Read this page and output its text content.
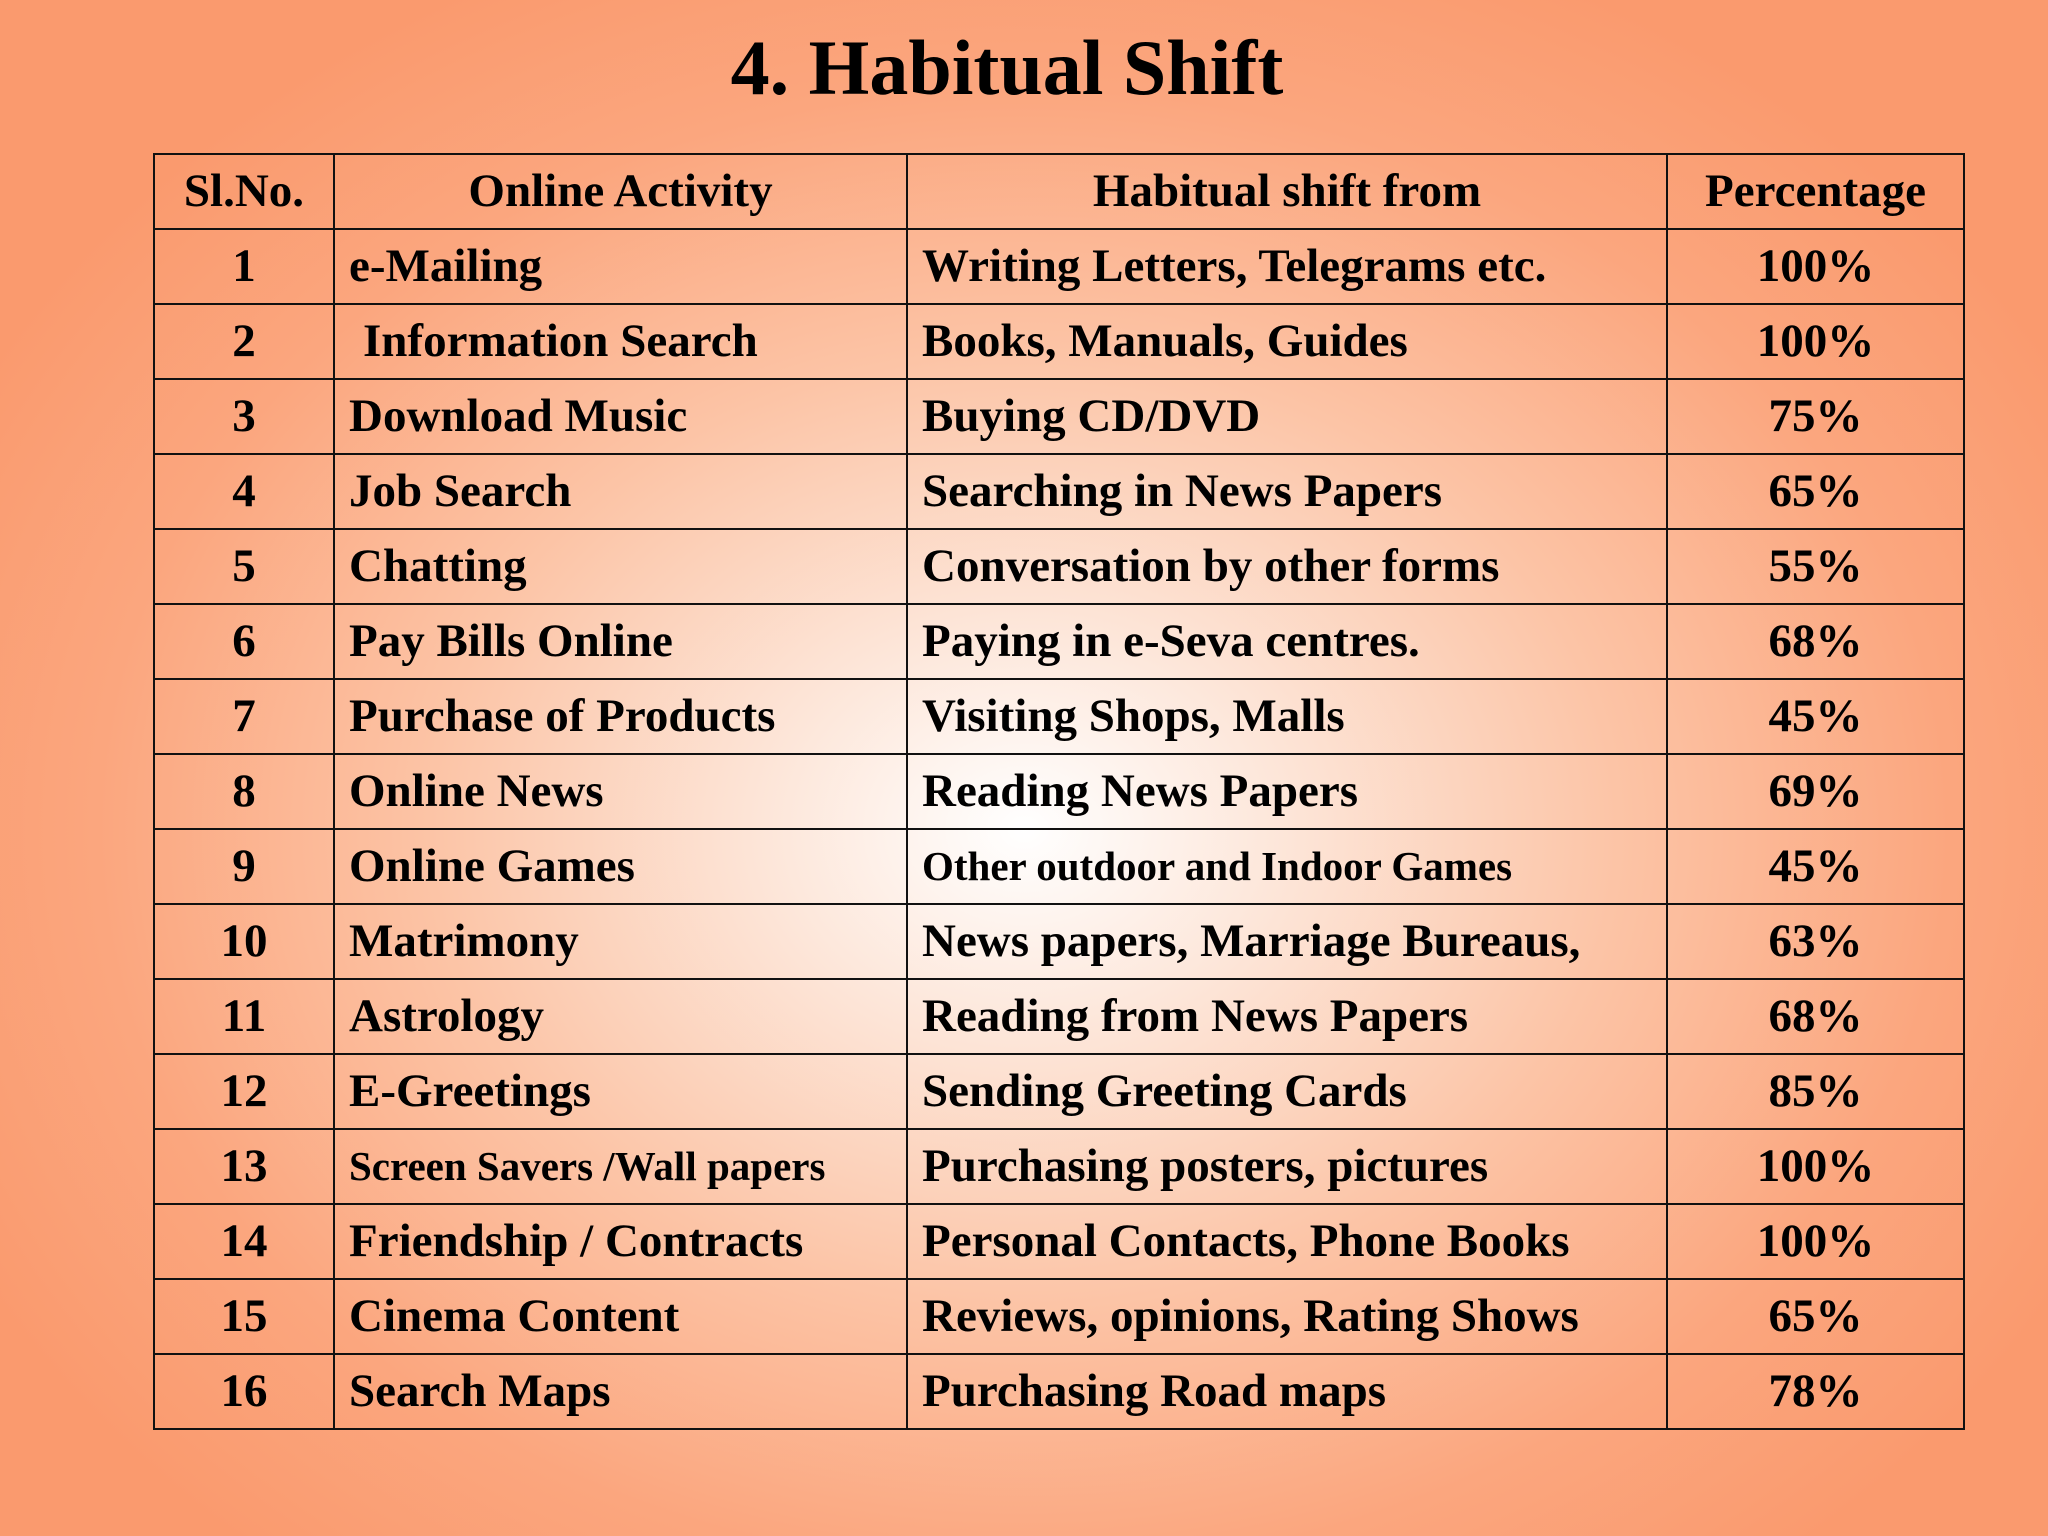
4. Habitual Shift
Sl.No.	Online Activity	Habitual shift from	Percentage
1	e-Mailing	Writing Letters, Telegrams etc.	100%
2	Information Search	Books, Manuals, Guides	100%
3	Download Music	Buying CD/DVD	75%
4	Job Search	Searching in News Papers	65%
5	Chatting	Conversation by other forms	55%
6	Pay Bills Online	Paying in e-Seva centres.	68%
7	Purchase of Products	Visiting Shops, Malls	45%
8	Online News	Reading News Papers	69%
9	Online Games	Other outdoor and Indoor Games	45%
10	Matrimony	News papers, Marriage Bureaus,	63%
11	Astrology	Reading from News Papers	68%
12	E-Greetings	Sending Greeting Cards	85%
13	Screen Savers /Wall papers	Purchasing posters, pictures	100%
14	Friendship / Contracts	Personal Contacts, Phone Books	100%
15	Cinema Content	Reviews, opinions, Rating Shows	65%
16	Search Maps	Purchasing Road maps	78%
